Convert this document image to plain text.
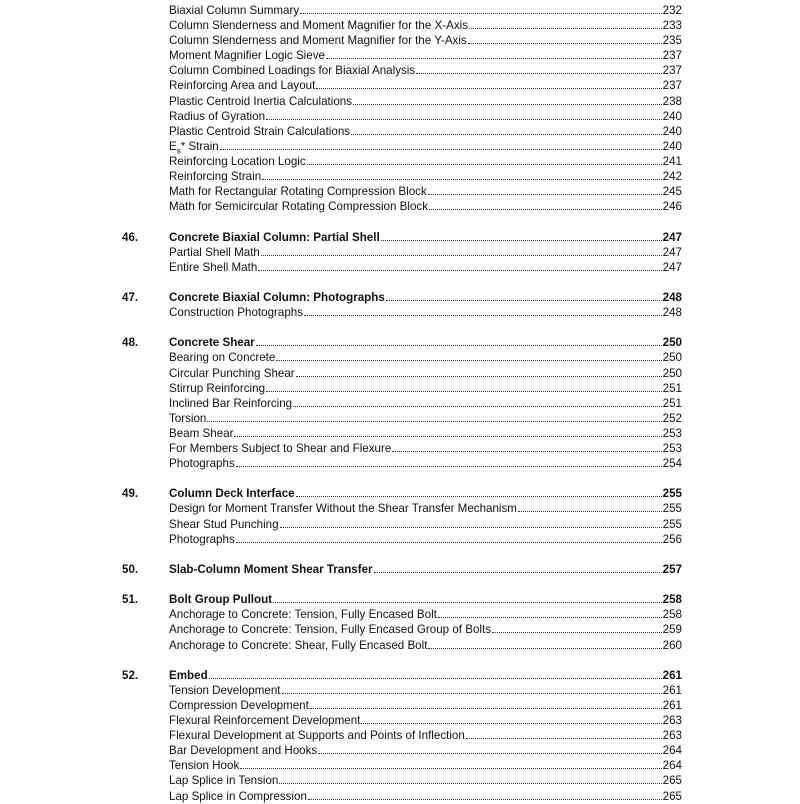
Biaxial Column Summary	232
Column Slenderness and Moment Magnifier for the X-Axis	233
Column Slenderness and Moment Magnifier for the Y-Axis	235
Moment Magnifier Logic Sieve	237
Column Combined Loadings for Biaxial Analysis	237
Reinforcing Area and Layout	237
Plastic Centroid Inertia Calculations	238
Radius of Gyration	240
Plastic Centroid Strain Calculations	240
$E_s*$ Strain	240
Reinforcing Location Logic	241
Reinforcing Strain	242
Math for Rectangular Rotating Compression Block	245
Math for Semicircular Rotating Compression Block	246
46.	Concrete Biaxial Column: Partial Shell	247
Partial Shell Math	247
Entire Shell Math	247
47.	Concrete Biaxial Column: Photographs	248
Construction Photographs	248
48.	Concrete Shear	250
Bearing on Concrete	250
Circular Punching Shear	250
Stirrup Reinforcing	251
Inclined Bar Reinforcing	251
Torsion	252
Beam Shear	253
For Members Subject to Shear and Flexure	253
Photographs	254
49.	Column Deck Interface	255
Design for Moment Transfer Without the Shear Transfer Mechanism	255
Shear Stud Punching	255
Photographs	256
50.	Slab-Column Moment Shear Transfer	257
51.	Bolt Group Pullout	258
Anchorage to Concrete: Tension, Fully Encased Bolt	258
Anchorage to Concrete: Tension, Fully Encased Group of Bolts	259
Anchorage to Concrete: Shear, Fully Encased Bolt	260
52.	Embed	261
Tension Development	261
Compression Development	261
Flexural Reinforcement Development	263
Flexural Development at Supports and Points of Inflection	263
Bar Development and Hooks	264
Tension Hook	264
Lap Splice in Tension	265
Lap Splice in Compression	265
